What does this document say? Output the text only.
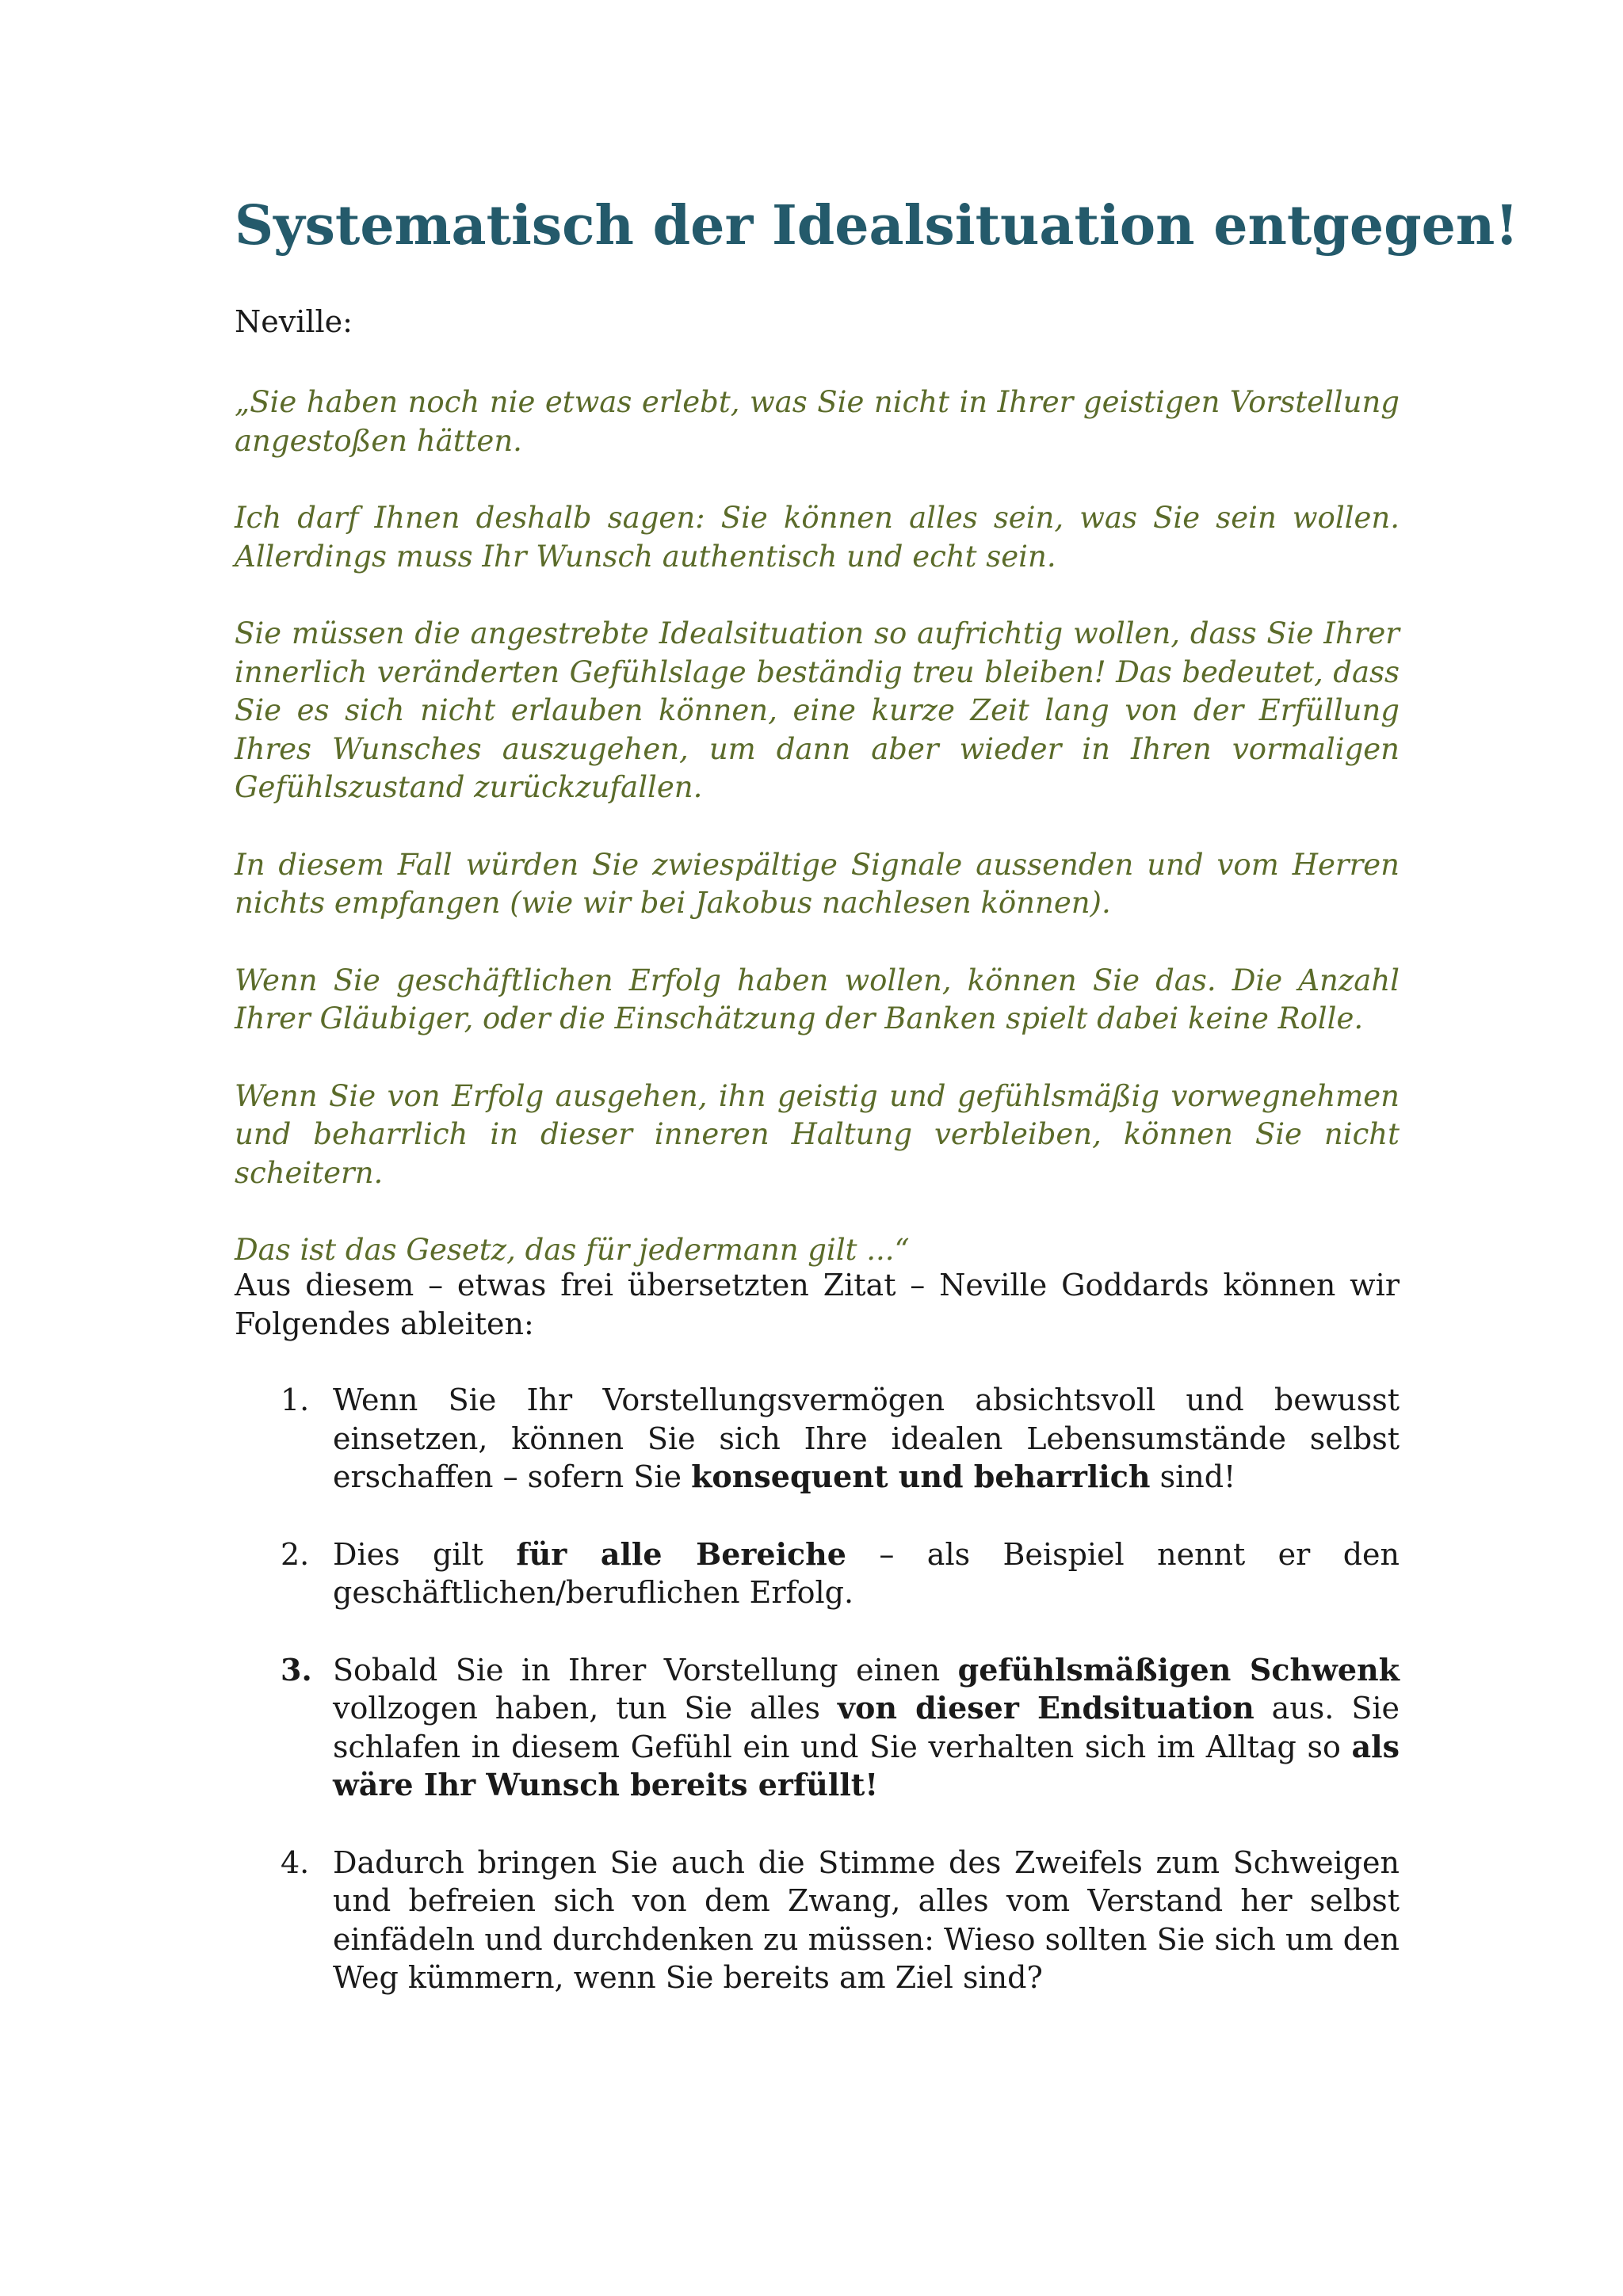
Systematisch der Idealsituation entgegen!

Neville:

„Sie haben noch nie etwas erlebt, was Sie nicht in Ihrer geistigen Vorstellung angestoßen hätten.

Ich darf Ihnen deshalb sagen: Sie können alles sein, was Sie sein wollen. Allerdings muss Ihr Wunsch authentisch und echt sein.

Sie müssen die angestrebte Idealsituation so aufrichtig wollen, dass Sie Ihrer innerlich veränderten Gefühlslage beständig treu bleiben! Das bedeutet, dass Sie es sich nicht erlauben können, eine kurze Zeit lang von der Erfüllung Ihres Wunsches auszugehen, um dann aber wieder in Ihren vormaligen Gefühlszustand zurückzufallen.

In diesem Fall würden Sie zwiespältige Signale aussenden und vom Herren nichts empfangen (wie wir bei Jakobus nachlesen können).

Wenn Sie geschäftlichen Erfolg haben wollen, können Sie das. Die Anzahl Ihrer Gläubiger, oder die Einschätzung der Banken spielt dabei keine Rolle.

Wenn Sie von Erfolg ausgehen, ihn geistig und gefühlsmäßig vorwegnehmen und beharrlich in dieser inneren Haltung verbleiben, können Sie nicht scheitern.

Das ist das Gesetz, das für jedermann gilt ...“

Aus diesem – etwas frei übersetzten Zitat – Neville Goddards können wir Folgendes ableiten:

1. Wenn Sie Ihr Vorstellungsvermögen absichtsvoll und bewusst einsetzen, können Sie sich Ihre idealen Lebensumstände selbst erschaffen – sofern Sie konsequent und beharrlich sind!
2. Dies gilt für alle Bereiche – als Beispiel nennt er den geschäftlichen/beruflichen Erfolg.
3. Sobald Sie in Ihrer Vorstellung einen gefühlsmäßigen Schwenk vollzogen haben, tun Sie alles von dieser Endsituation aus. Sie schlafen in diesem Gefühl ein und Sie verhalten sich im Alltag so als wäre Ihr Wunsch bereits erfüllt!
4. Dadurch bringen Sie auch die Stimme des Zweifels zum Schweigen und befreien sich von dem Zwang, alles vom Verstand her selbst einfädeln und durchdenken zu müssen: Wieso sollten Sie sich um den Weg kümmern, wenn Sie bereits am Ziel sind?
